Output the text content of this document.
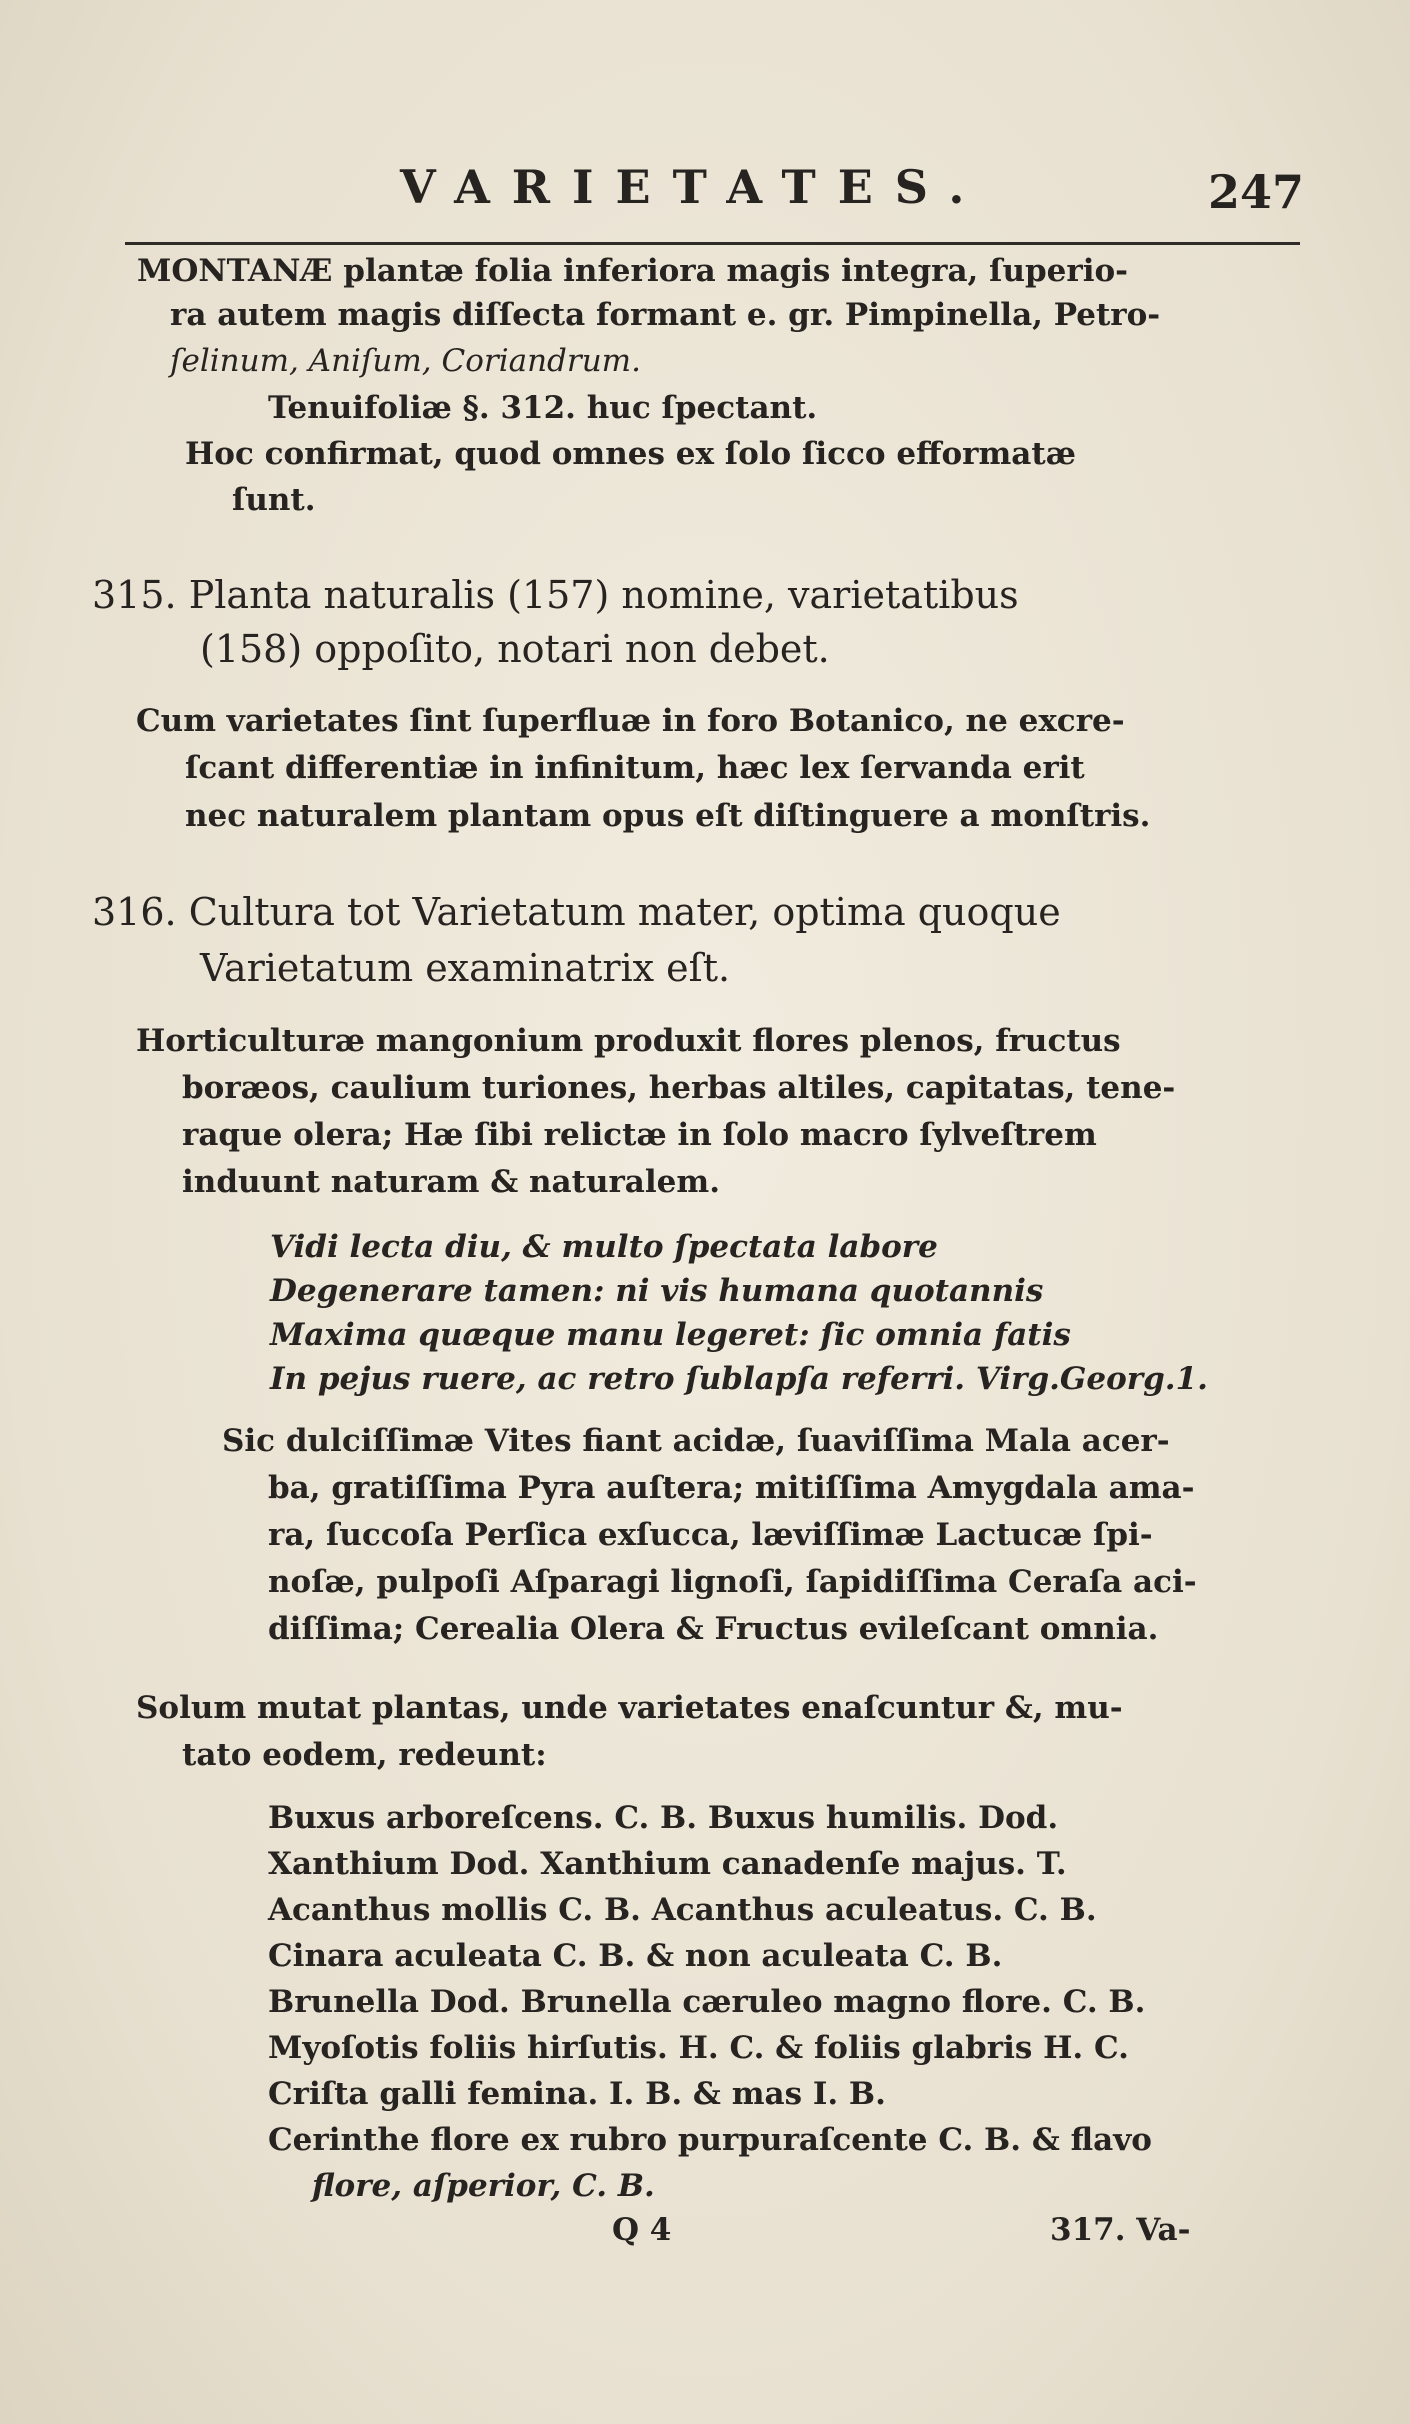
VARIETATES.	247
MONTANÆ plantæ folia inferiora magis integra, ſuperio-
ra autem magis diſſecta formant e. gr. Pimpinella, Petro-
ſelinum, Aniſum, Coriandrum.
Tenuifoliæ §. 312. huc ſpectant.
Hoc confirmat, quod omnes ex ſolo ſicco efformatæ
ſunt.
315. Planta naturalis (157) nomine, varietatibus
(158) oppoſito, notari non debet.
Cum varietates ſint ſuperfluæ in foro Botanico, ne excre-
ſcant differentiæ in infinitum, hæc lex ſervanda erit
nec naturalem plantam opus eſt diſtinguere a monſtris.
316. Cultura tot Varietatum mater, optima quoque
Varietatum examinatrix eſt.
Horticulturæ mangonium produxit flores plenos, fructus
boræos, caulium turiones, herbas altiles, capitatas, tene-
raque olera; Hæ ſibi relictæ in ſolo macro ſylveſtrem
induunt naturam & naturalem.
Vidi lecta diu, & multo ſpectata labore
Degenerare tamen: ni vis humana quotannis
Maxima quæque manu legeret: ſic omnia fatis
In pejus ruere, ac retro ſublapſa referri. Virg.Georg.1.
Sic dulciſſimæ Vites fiant acidæ, ſuaviſſima Mala acer-
ba, gratiſſima Pyra auſtera; mitiſſima Amygdala ama-
ra, ſuccoſa Perſica exſucca, læviſſimæ Lactucæ ſpi-
noſæ, pulpoſi Aſparagi lignoſi, ſapidiſſima Ceraſa aci-
diſſima; Cerealia Olera & Fructus evileſcant omnia.
Solum mutat plantas, unde varietates enaſcuntur &, mu-
tato eodem, redeunt:
Buxus arboreſcens. C. B. Buxus humilis. Dod.
Xanthium Dod. Xanthium canadenſe majus. T.
Acanthus mollis C. B. Acanthus aculeatus. C. B.
Cinara aculeata C. B. & non aculeata C. B.
Brunella Dod. Brunella cæruleo magno flore. C. B.
Myoſotis foliis hirſutis. H. C. & foliis glabris H. C.
Criſta galli femina. I. B. & mas I. B.
Cerinthe flore ex rubro purpuraſcente C. B. & flavo
flore, aſperior, C. B.
Q 4	317. Va-
